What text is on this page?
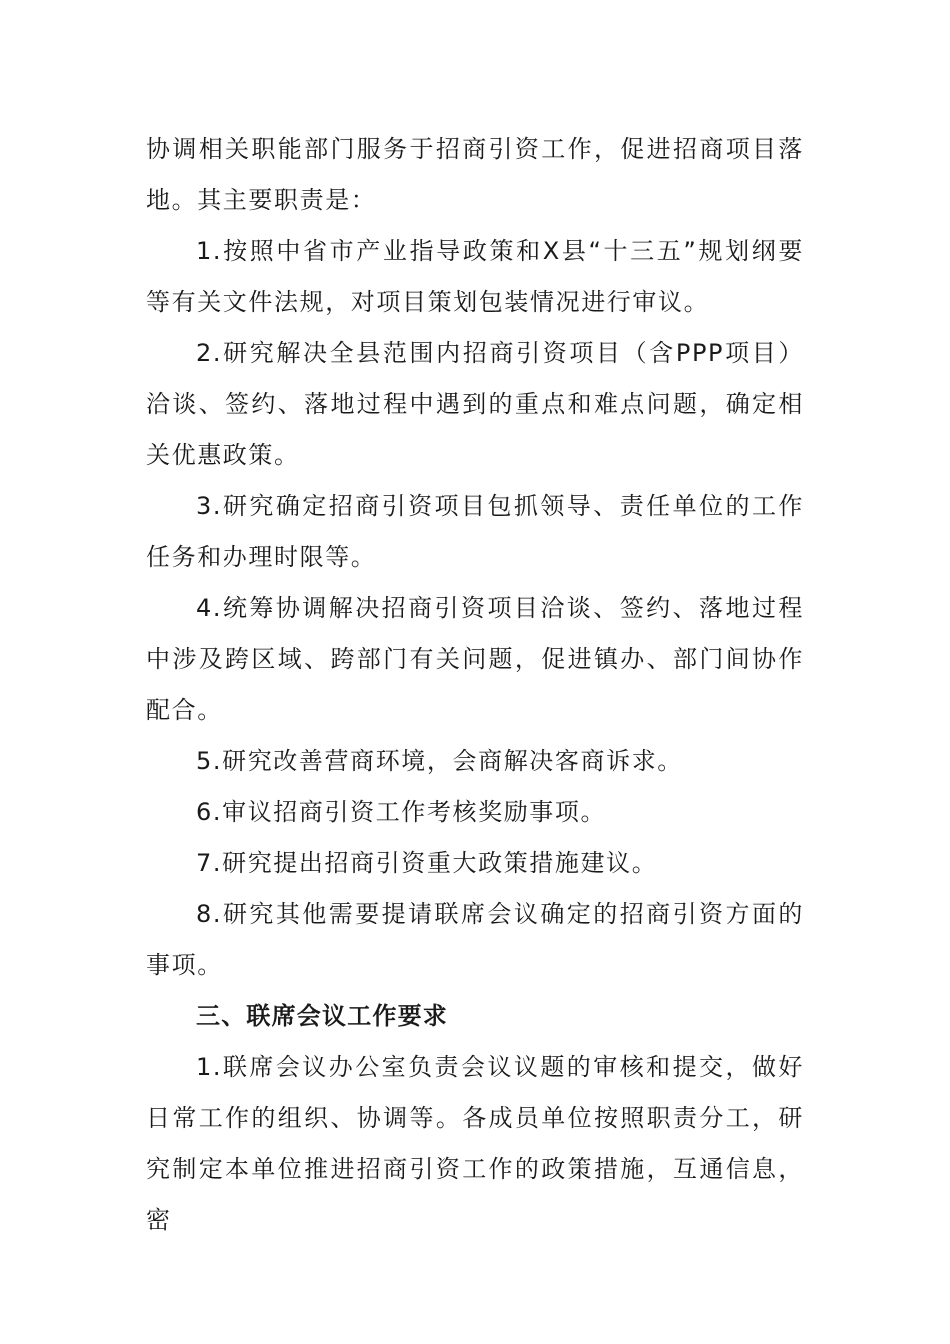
协调相关职能部门服务于招商引资工作，促进招商项目落地。其主要职责是：

1.按照中省市产业指导政策和X县“十三五”规划纲要等有关文件法规，对项目策划包装情况进行审议。

2.研究解决全县范围内招商引资项目（含PPP项目）洽谈、签约、落地过程中遇到的重点和难点问题，确定相关优惠政策。

3.研究确定招商引资项目包抓领导、责任单位的工作任务和办理时限等。

4.统筹协调解决招商引资项目洽谈、签约、落地过程中涉及跨区域、跨部门有关问题，促进镇办、部门间协作配合。

5.研究改善营商环境，会商解决客商诉求。

6.审议招商引资工作考核奖励事项。

7.研究提出招商引资重大政策措施建议。

8.研究其他需要提请联席会议确定的招商引资方面的事项。

三、联席会议工作要求

1.联席会议办公室负责会议议题的审核和提交，做好日常工作的组织、协调等。各成员单位按照职责分工，研究制定本单位推进招商引资工作的政策措施，互通信息，密
